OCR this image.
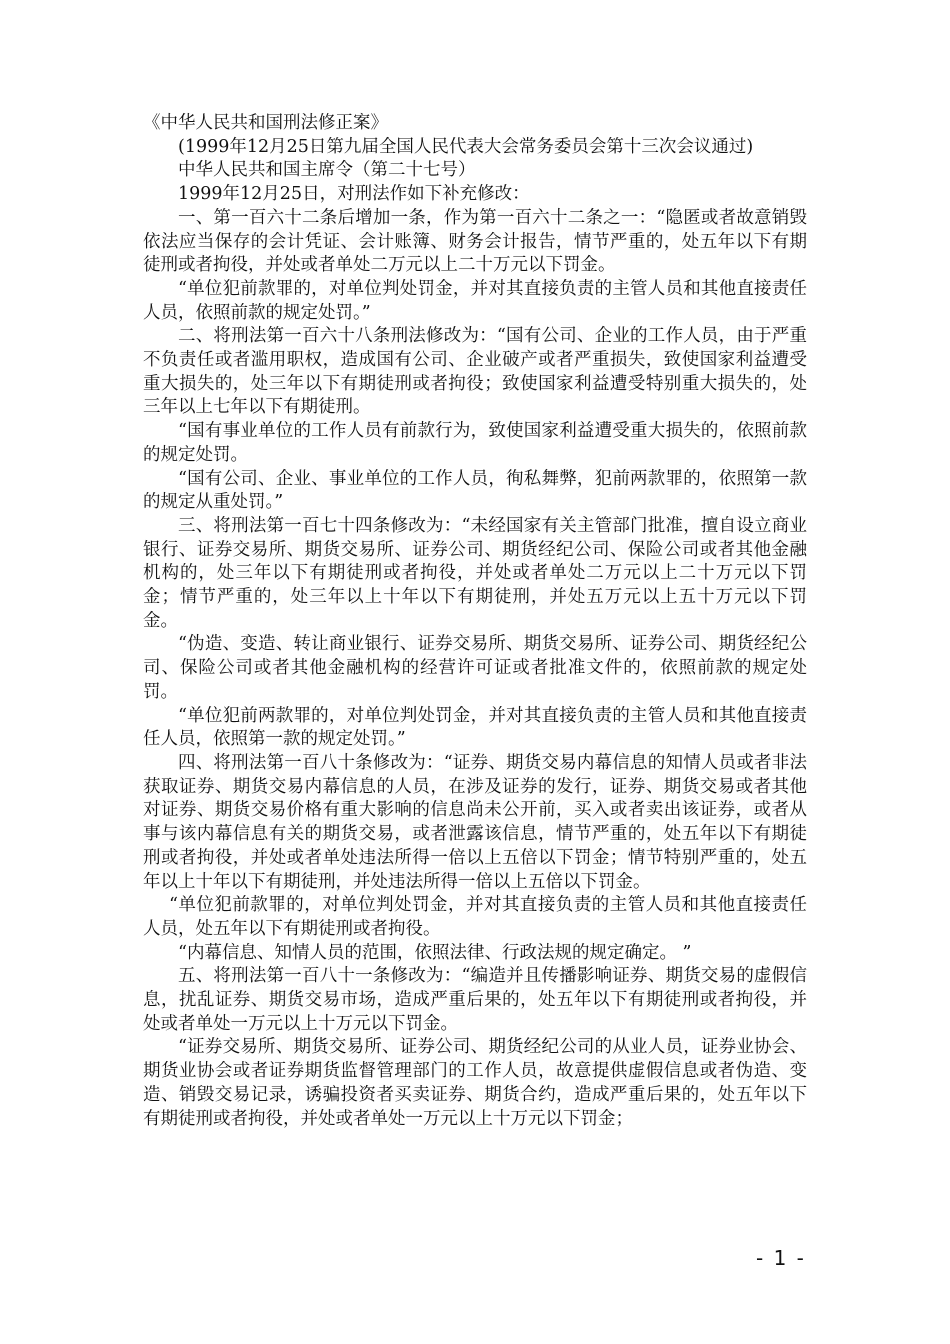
《中华人民共和国刑法修正案》

(1999年12月25日第九届全国人民代表大会常务委员会第十三次会议通过)

中华人民共和国主席令（第二十七号）

1999年12月25日，对刑法作如下补充修改：

一、第一百六十二条后增加一条，作为第一百六十二条之一：“隐匿或者故意销毁依法应当保存的会计凭证、会计账簿、财务会计报告，情节严重的，处五年以下有期徒刑或者拘役，并处或者单处二万元以上二十万元以下罚金。

“单位犯前款罪的，对单位判处罚金，并对其直接负责的主管人员和其他直接责任人员，依照前款的规定处罚。”

二、将刑法第一百六十八条刑法修改为：“国有公司、企业的工作人员，由于严重不负责任或者滥用职权，造成国有公司、企业破产或者严重损失，致使国家利益遭受重大损失的，处三年以下有期徒刑或者拘役；致使国家利益遭受特别重大损失的，处三年以上七年以下有期徒刑。

“国有事业单位的工作人员有前款行为，致使国家利益遭受重大损失的，依照前款的规定处罚。

“国有公司、企业、事业单位的工作人员，徇私舞弊，犯前两款罪的，依照第一款的规定从重处罚。”

三、将刑法第一百七十四条修改为：“未经国家有关主管部门批准，擅自设立商业银行、证券交易所、期货交易所、证券公司、期货经纪公司、保险公司或者其他金融机构的，处三年以下有期徒刑或者拘役，并处或者单处二万元以上二十万元以下罚金；情节严重的，处三年以上十年以下有期徒刑，并处五万元以上五十万元以下罚金。

“伪造、变造、转让商业银行、证券交易所、期货交易所、证券公司、期货经纪公司、保险公司或者其他金融机构的经营许可证或者批准文件的，依照前款的规定处罚。

“单位犯前两款罪的，对单位判处罚金，并对其直接负责的主管人员和其他直接责任人员，依照第一款的规定处罚。”

四、将刑法第一百八十条修改为：“证券、期货交易内幕信息的知情人员或者非法获取证券、期货交易内幕信息的人员，在涉及证券的发行，证券、期货交易或者其他对证券、期货交易价格有重大影响的信息尚未公开前，买入或者卖出该证券，或者从事与该内幕信息有关的期货交易，或者泄露该信息，情节严重的，处五年以下有期徒刑或者拘役，并处或者单处违法所得一倍以上五倍以下罚金；情节特别严重的，处五年以上十年以下有期徒刑，并处违法所得一倍以上五倍以下罚金。

“单位犯前款罪的，对单位判处罚金，并对其直接负责的主管人员和其他直接责任人员，处五年以下有期徒刑或者拘役。

“内幕信息、知情人员的范围，依照法律、行政法规的规定确定。 ”

五、将刑法第一百八十一条修改为：“编造并且传播影响证券、期货交易的虚假信息，扰乱证券、期货交易市场，造成严重后果的，处五年以下有期徒刑或者拘役，并处或者单处一万元以上十万元以下罚金。

“证券交易所、期货交易所、证券公司、期货经纪公司的从业人员，证券业协会、期货业协会或者证券期货监督管理部门的工作人员，故意提供虚假信息或者伪造、变造、销毁交易记录，诱骗投资者买卖证券、期货合约，造成严重后果的，处五年以下有期徒刑或者拘役，并处或者单处一万元以上十万元以下罚金；

- 1 -
